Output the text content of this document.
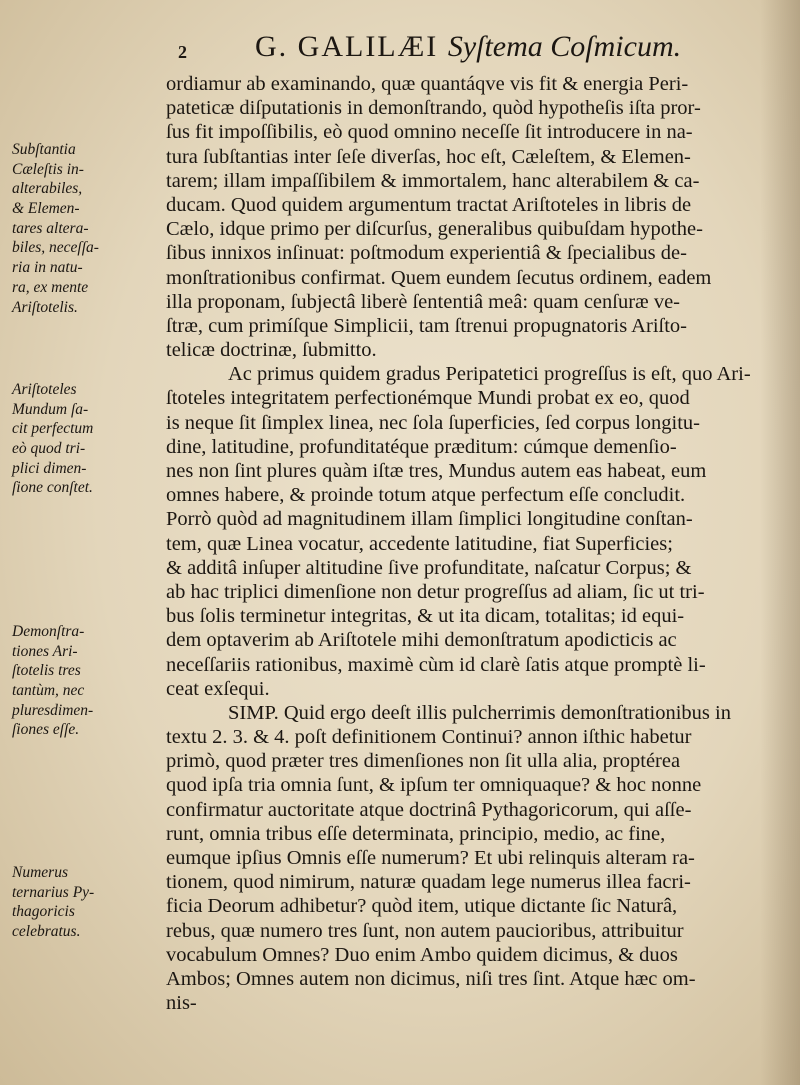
2 G. GALILÆI Syſtema Coſmicum.
ordiamur ab examinando, quæ quantáqve vis fit & energia Peri-
pateticæ diſputationis in demonſtrando, quòd hypotheſis iſta pror-
ſus fit impoſſibilis, eò quod omnino neceſſe ſit introducere in na-
tura ſubſtantias inter ſeſe diverſas, hoc eſt, Cæleſtem, & Elemen-
tarem; illam impaſſibilem & immortalem, hanc alterabilem & ca-
ducam. Quod quidem argumentum tractat Ariſtoteles in libris de
Cælo, idque primo per diſcurſus, generalibus quibuſdam hypothe-
ſibus innixos inſinuat: poſtmodum experientiâ & ſpecialibus de-
monſtrationibus confirmat. Quem eundem ſecutus ordinem, eadem
illa proponam, ſubjectâ liberè ſententiâ meâ: quam cenſuræ ve-
ſtræ, cum primíſque Simplicii, tam ſtrenui propugnatoris Ariſto-
telicæ doctrinæ, ſubmitto.
Ac primus quidem gradus Peripatetici progreſſus is eſt, quo Ari-
ſtoteles integritatem perfectionémque Mundi probat ex eo, quod
is neque ſit ſimplex linea, nec ſola ſuperficies, ſed corpus longitu-
dine, latitudine, profunditatéque præditum: cúmque demenſio-
nes non ſint plures quàm iſtæ tres, Mundus autem eas habeat, eum
omnes habere, & proinde totum atque perfectum eſſe concludit.
Porrò quòd ad magnitudinem illam ſimplici longitudine conſtan-
tem, quæ Linea vocatur, accedente latitudine, fiat Superficies;
& additâ inſuper altitudine ſive profunditate, naſcatur Corpus; &
ab hac triplici dimenſione non detur progreſſus ad aliam, ſic ut tri-
bus ſolis terminetur integritas, & ut ita dicam, totalitas; id equi-
dem optaverim ab Ariſtotele mihi demonſtratum apodicticis ac
neceſſariis rationibus, maximè cùm id clarè ſatis atque promptè li-
ceat exſequi.
SIMP. Quid ergo deeſt illis pulcherrimis demonſtrationibus in
textu 2. 3. & 4. poſt definitionem Continui? annon iſthic habetur
primò, quod præter tres dimenſiones non ſit ulla alia, proptérea
quod ipſa tria omnia ſunt, & ipſum ter omniquaque? & hoc nonne
confirmatur auctoritate atque doctrinâ Pythagoricorum, qui aſſe-
runt, omnia tribus eſſe determinata, principio, medio, ac fine,
eumque ipſius Omnis eſſe numerum? Et ubi relinquis alteram ra-
tionem, quod nimirum, naturæ quadam lege numerus illea facri-
ficia Deorum adhibetur? quòd item, utique dictante ſic Naturâ,
rebus, quæ numero tres ſunt, non autem paucioribus, attribuitur
vocabulum Omnes? Duo enim Ambo quidem dicimus, & duos
Ambos; Omnes autem non dicimus, niſi tres ſint. Atque hæc om-
nis-
Subſtantia
Cæleſtis in-
alterabiles,
& Elemen-
tares altera-
biles, neceſſa-
ria in natu-
ra, ex mente
Ariſtotelis.
Ariſtoteles
Mundum ſa-
cit perfectum
eò quod tri-
plici dimen-
ſione conſtet.
Demonſtra-
tiones Ari-
ſtotelis tres
tantùm, nec
pluresdimen-
ſiones eſſe.
Numerus
ternarius Py-
thagoricis
celebratus.
